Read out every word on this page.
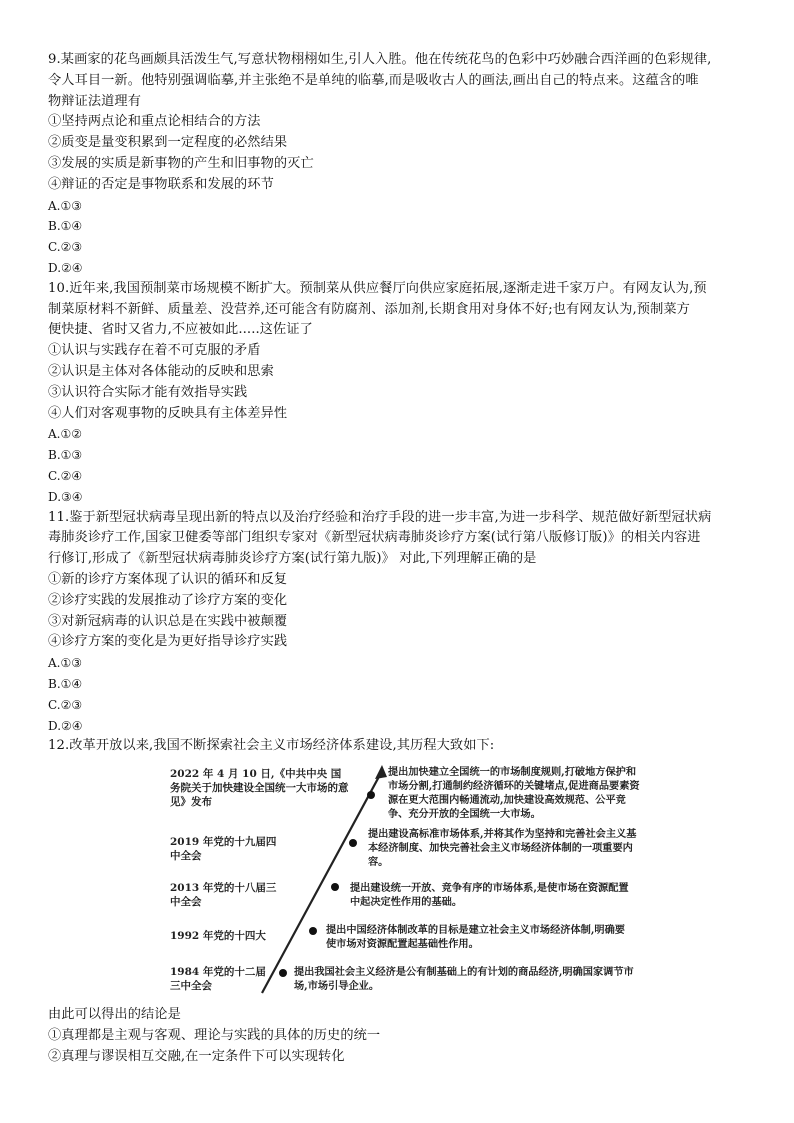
9.某画家的花鸟画颇具活泼生气,写意状物栩栩如生,引人入胜。他在传统花鸟的色彩中巧妙融合西洋画的色彩规律,
令人耳目一新。他特别强调临摹,并主张绝不是单纯的临摹,而是吸收古人的画法,画出自己的特点来。这蕴含的唯
物辩证法道理有
①坚持两点论和重点论相结合的方法
②质变是量变积累到一定程度的必然结果
③发展的实质是新事物的产生和旧事物的灭亡
④辩证的否定是事物联系和发展的环节
A.①③
B.①④
C.②③
D.②④
10.近年来,我国预制菜市场规模不断扩大。预制菜从供应餐厅向供应家庭拓展,逐渐走进千家万户。有网友认为,预
制菜原材料不新鲜、质量差、没营养,还可能含有防腐剂、添加剂,长期食用对身体不好;也有网友认为,预制菜方
便快捷、省时又省力,不应被如此.....这佐证了
①认识与实践存在着不可克服的矛盾
②认识是主体对各体能动的反映和思索
③认识符合实际才能有效指导实践
④人们对客观事物的反映具有主体差异性
A.①②
B.①③
C.②④
D.③④
11.鉴于新型冠状病毒呈现出新的特点以及治疗经验和治疗手段的进一步丰富,为进一步科学、规范做好新型冠状病
毒肺炎诊疗工作,国家卫健委等部门组织专家对《新型冠状病毒肺炎诊疗方案(试行第八版修订版)》的相关内容进
行修订,形成了《新型冠状病毒肺炎诊疗方案(试行第九版)》 对此,下列理解正确的是
①新的诊疗方案体现了认识的循环和反复
②诊疗实践的发展推动了诊疗方案的变化
③对新冠病毒的认识总是在实践中被颠覆
④诊疗方案的变化是为更好指导诊疗实践
A.①③
B.①④
C.②③
D.②④
12.改革开放以来,我国不断探索社会主义市场经济体系建设,其历程大致如下:
2022 年 4 月 10 日,《中共中央 国务院关于加快建设全国统一大市场的意见》发布
提出加快建立全国统一的市场制度规则,打破地方保护和市场分割,打通制约经济循环的关键堵点,促进商品要素资源在更大范围内畅通流动,加快建设高效规范、公平竞争、充分开放的全国统一大市场。
2019 年党的十九届四中全会
提出建设高标准市场体系,并将其作为坚持和完善社会主义基本经济制度、加快完善社会主义市场经济体制的一项重要内容。
2013 年党的十八届三中全会
提出建设统一开放、竞争有序的市场体系,是使市场在资源配置中起决定性作用的基础。
1992 年党的十四大	提出中国经济体制改革的目标是建立社会主义市场经济体制,明确要使市场对资源配置起基础性作用。
1984 年党的十二届三中全会
提出我国社会主义经济是公有制基础上的有计划的商品经济,明确国家调节市场,市场引导企业。
由此可以得出的结论是
①真理都是主观与客观、理论与实践的具体的历史的统一
②真理与谬误相互交融,在一定条件下可以实现转化
